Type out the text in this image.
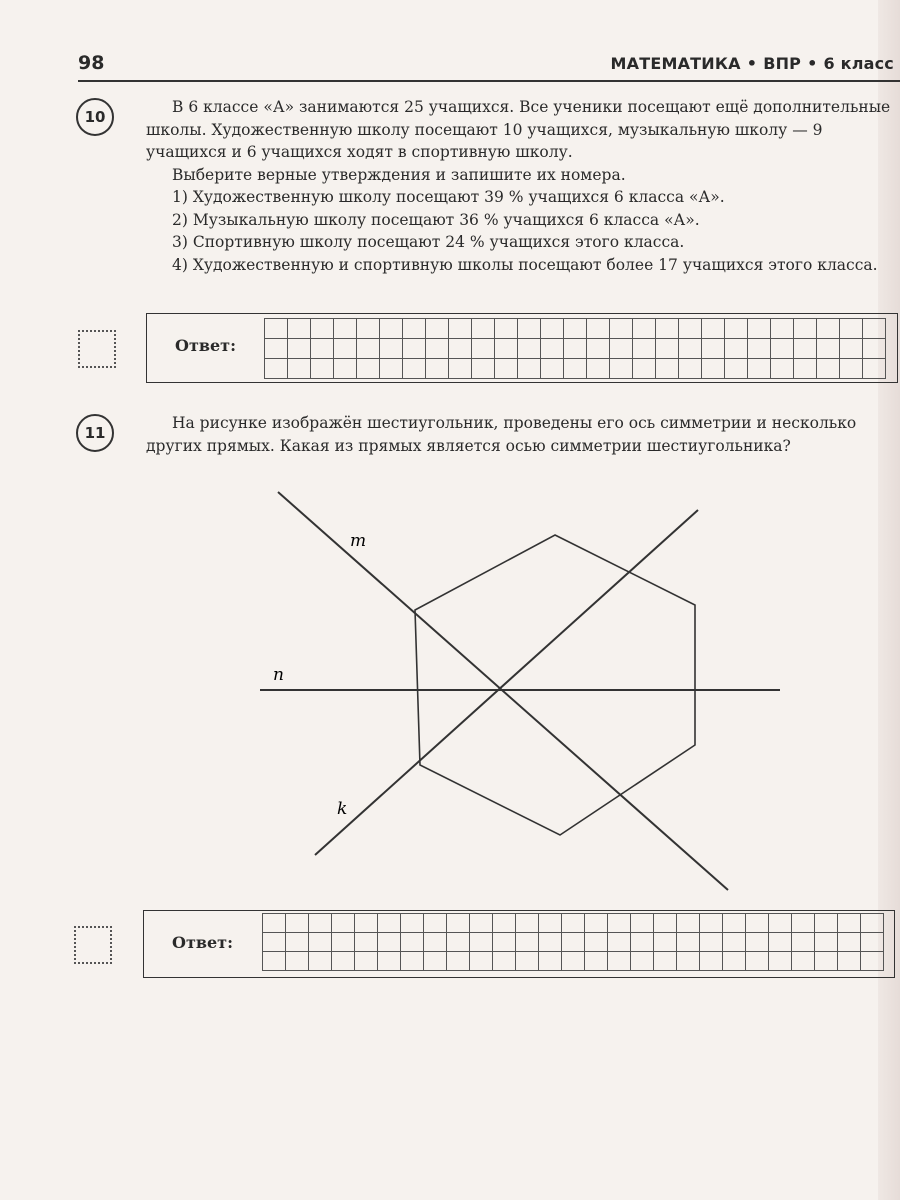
98	МАТЕМАТИКА • ВПР • 6 класс
10

В 6 классе «А» занимаются 25 учащихся. Все ученики посещают ещё дополнительные школы. Художественную школу посещают 10 учащихся, музыкальную школу — 9 учащихся и 6 учащихся ходят в спортивную школу.

Выберите верные утверждения и запишите их номера.

1) Художественную школу посещают 39 % учащихся 6 класса «А».

2) Музыкальную школу посещают 36 % учащихся 6 класса «А».

3) Спортивную школу посещают 24 % учащихся этого класса.

4) Художественную и спортивную школы посещают более 17 учащихся этого класса.

Ответ:
11

На рисунке изображён шестиугольник, проведены его ось симметрии и несколько других прямых. Какая из прямых является осью симметрии шестиугольника?

m
n
k
Ответ:
